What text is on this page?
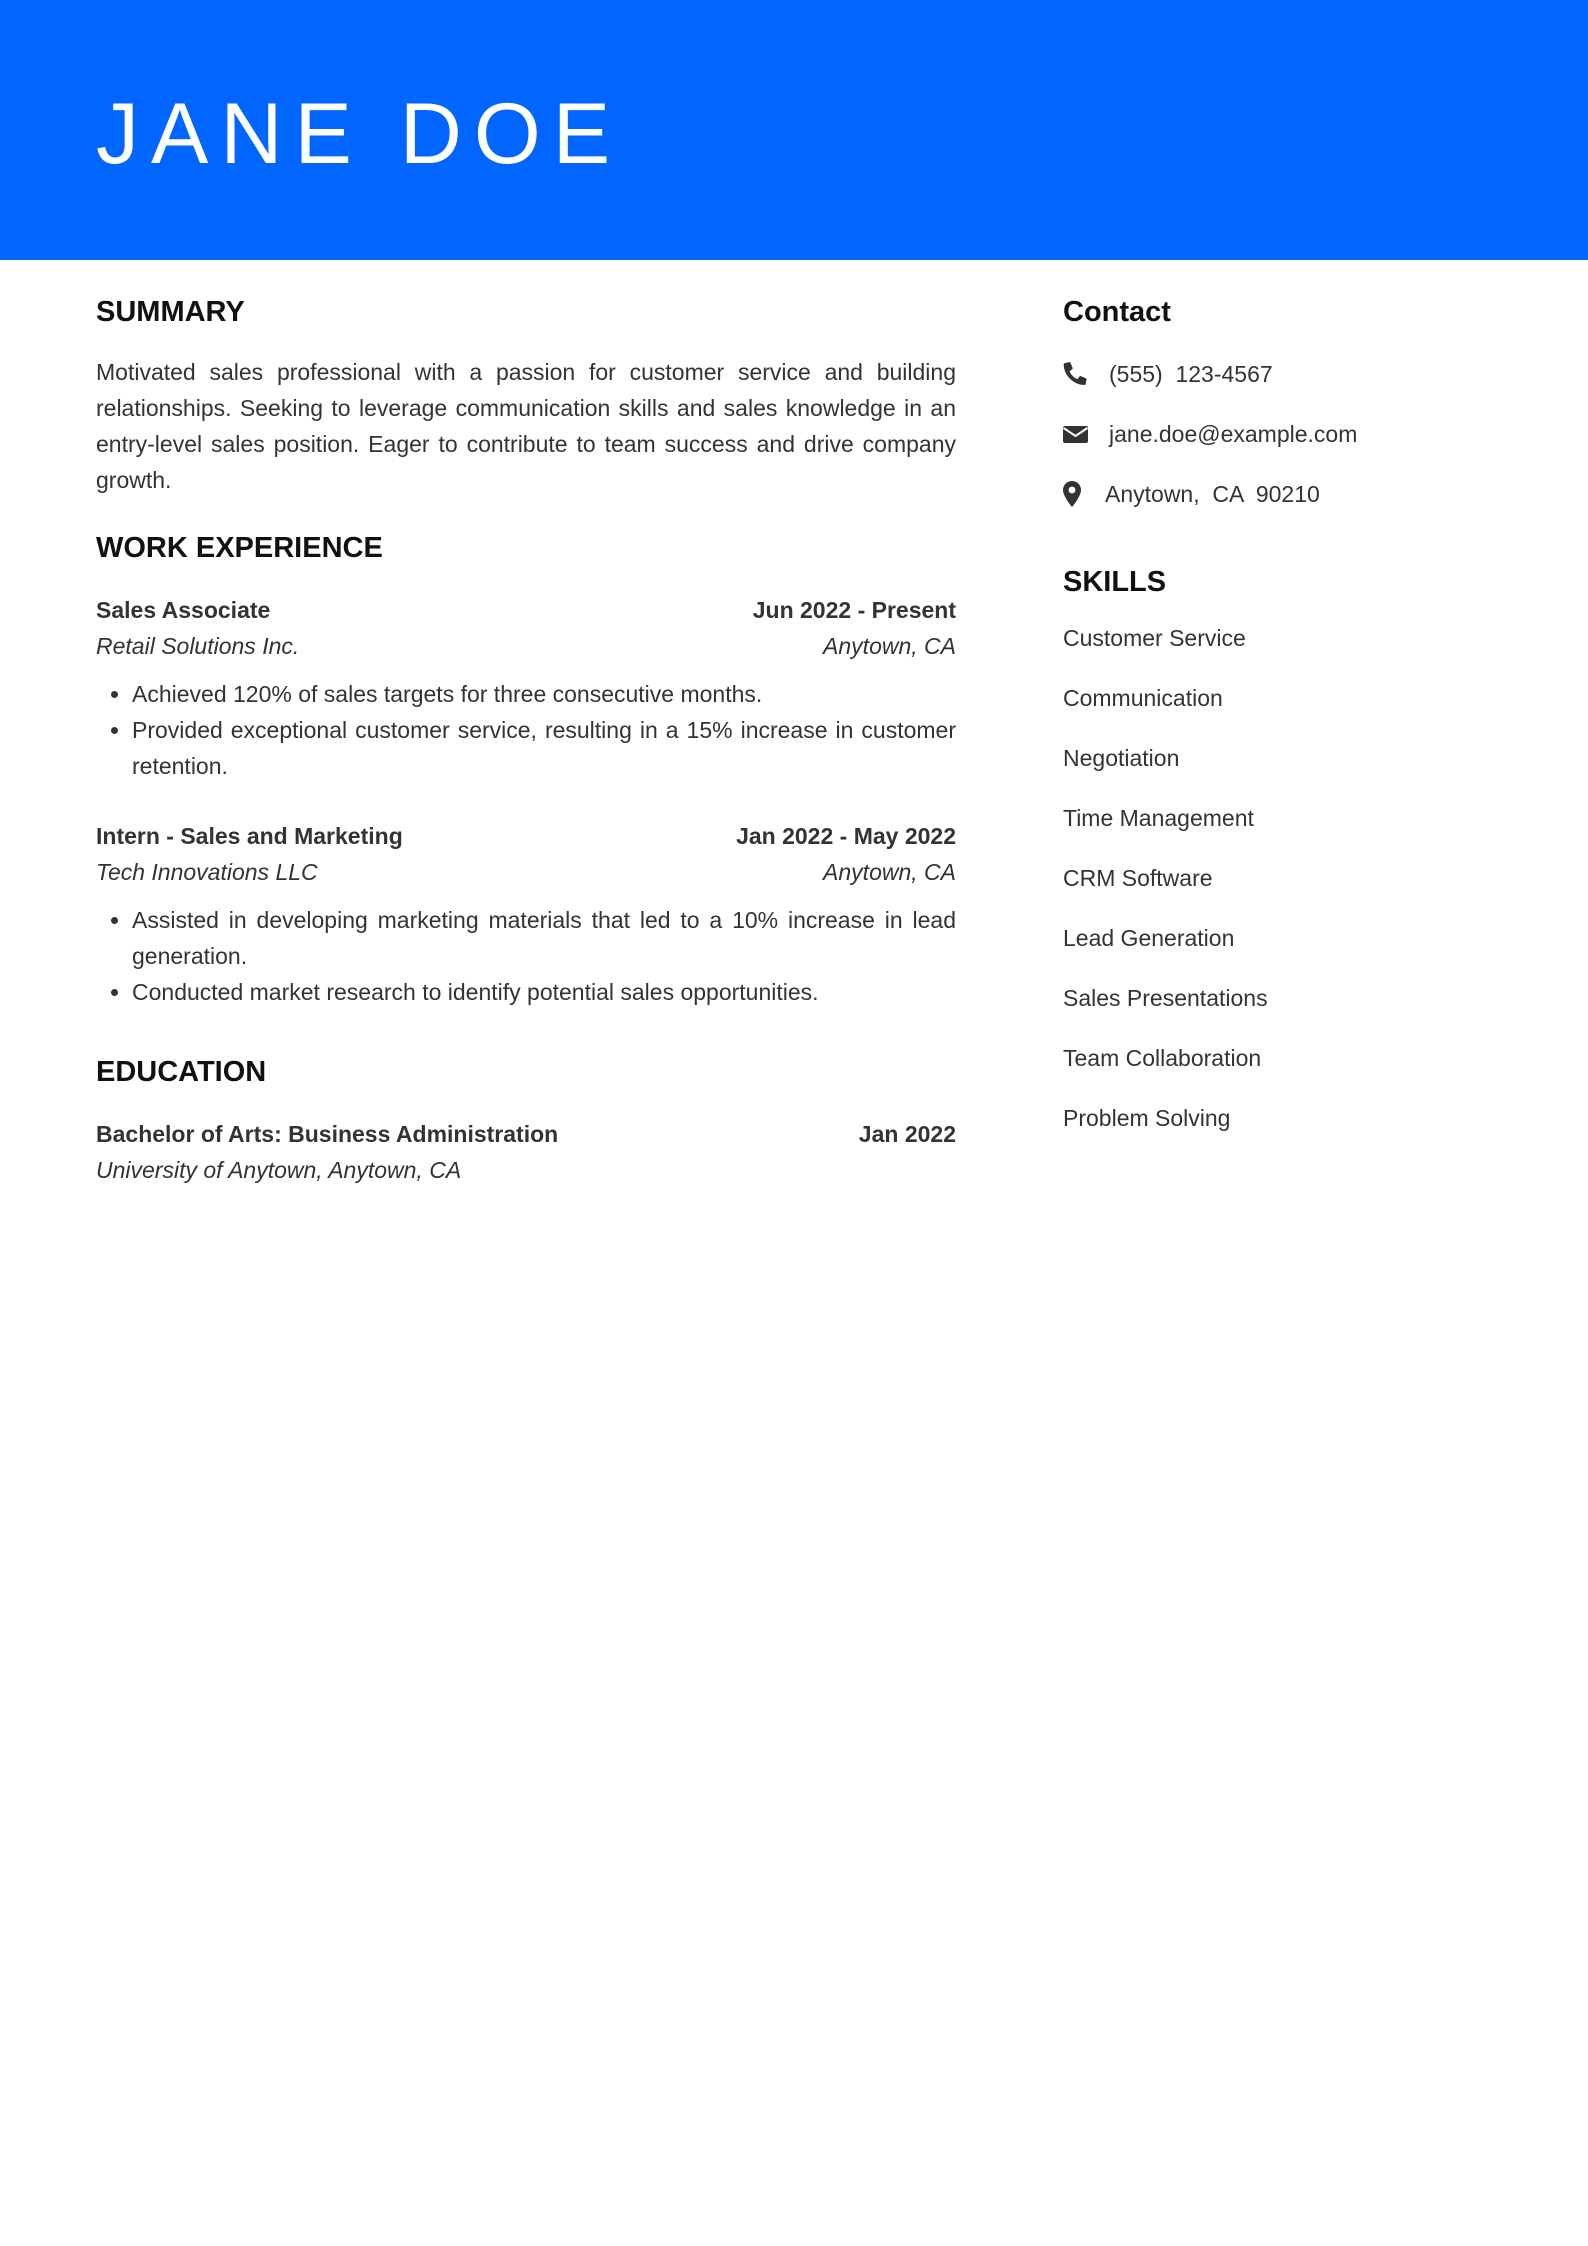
JANE DOE
SUMMARY

Motivated sales professional with a passion for customer service and building relationships. Seeking to leverage communication skills and sales knowledge in an entry-level sales position. Eager to contribute to team success and drive company growth.

WORK EXPERIENCE
Sales Associate	Jun 2022 - Present
Retail Solutions Inc.	Anytown, CA
• Achieved 120% of sales targets for three consecutive months.
• Provided exceptional customer service, resulting in a 15% increase in customer retention.
Intern - Sales and Marketing	Jan 2022 - May 2022
Tech Innovations LLC	Anytown, CA
• Assisted in developing marketing materials that led to a 10% increase in lead generation.
• Conducted market research to identify potential sales opportunities.
EDUCATION
Bachelor of Arts: Business Administration	Jan 2022
University of Anytown, Anytown, CA
Contact
(555)  123-4567
jane.doe@example.com
Anytown,  CA  90210
SKILLS
Customer Service
Communication
Negotiation
Time Management
CRM Software
Lead Generation
Sales Presentations
Team Collaboration
Problem Solving
